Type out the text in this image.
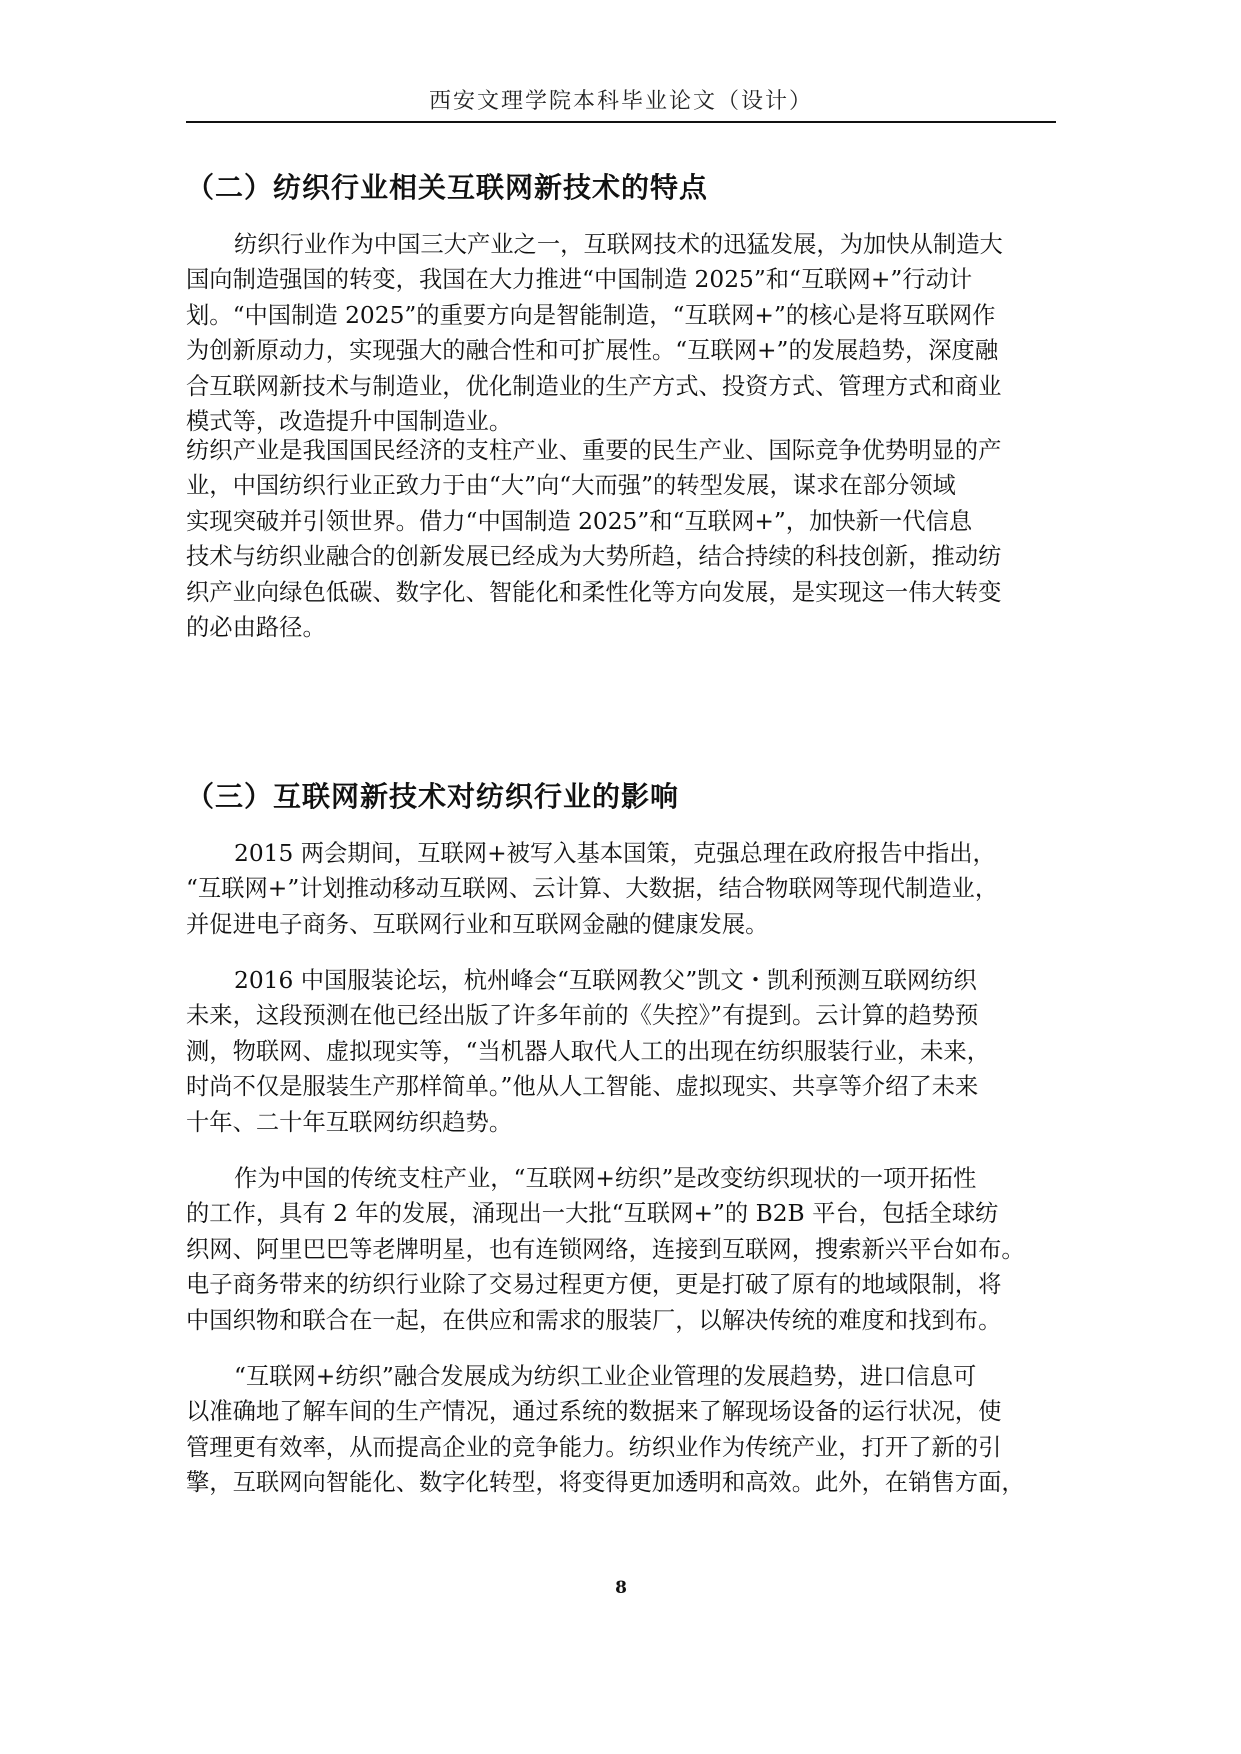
西安文理学院本科毕业论文（设计）
（二）纺织行业相关互联网新技术的特点
纺织行业作为中国三大产业之一，互联网技术的迅猛发展，为加快从制造大
国向制造强国的转变，我国在大力推进“中国制造 2025”和“互联网+”行动计
划。“中国制造 2025”的重要方向是智能制造，“互联网+”的核心是将互联网作
为创新原动力，实现强大的融合性和可扩展性。“互联网+”的发展趋势，深度融
合互联网新技术与制造业，优化制造业的生产方式、投资方式、管理方式和商业
模式等，改造提升中国制造业。
纺织产业是我国国民经济的支柱产业、重要的民生产业、国际竞争优势明显的产
业，中国纺织行业正致力于由“大”向“大而强”的转型发展，谋求在部分领域
实现突破并引领世界。借力“中国制造 2025”和“互联网+”，加快新一代信息
技术与纺织业融合的创新发展已经成为大势所趋，结合持续的科技创新，推动纺
织产业向绿色低碳、数字化、智能化和柔性化等方向发展，是实现这一伟大转变
的必由路径。
（三）互联网新技术对纺织行业的影响
2015 两会期间，互联网+被写入基本国策，克强总理在政府报告中指出，
“互联网+”计划推动移动互联网、云计算、大数据，结合物联网等现代制造业，
并促进电子商务、互联网行业和互联网金融的健康发展。
2016 中国服装论坛，杭州峰会“互联网教父”凯文・凯利预测互联网纺织
未来，这段预测在他已经出版了许多年前的《失控》”有提到。云计算的趋势预
测，物联网、虚拟现实等，“当机器人取代人工的出现在纺织服装行业，未来，
时尚不仅是服装生产那样简单。”他从人工智能、虚拟现实、共享等介绍了未来
十年、二十年互联网纺织趋势。
作为中国的传统支柱产业，“互联网+纺织”是改变纺织现状的一项开拓性
的工作，具有 2 年的发展，涌现出一大批“互联网+”的 B2B 平台，包括全球纺
织网、阿里巴巴等老牌明星，也有连锁网络，连接到互联网，搜索新兴平台如布。
电子商务带来的纺织行业除了交易过程更方便，更是打破了原有的地域限制，将
中国织物和联合在一起，在供应和需求的服装厂，以解决传统的难度和找到布。
“互联网+纺织”融合发展成为纺织工业企业管理的发展趋势，进口信息可
以准确地了解车间的生产情况，通过系统的数据来了解现场设备的运行状况，使
管理更有效率，从而提高企业的竞争能力。纺织业作为传统产业，打开了新的引
擎，互联网向智能化、数字化转型，将变得更加透明和高效。此外，在销售方面，
8
